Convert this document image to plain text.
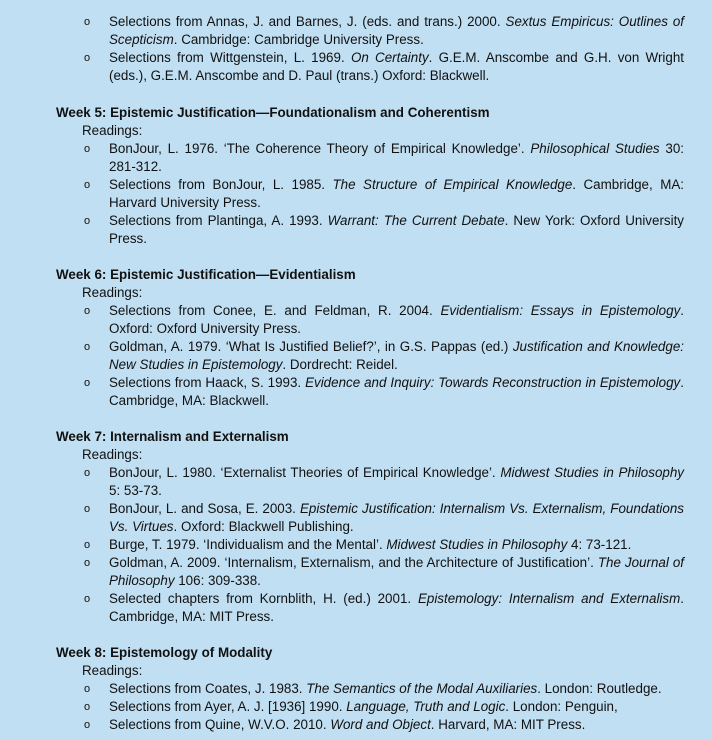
o Selections from Annas, J. and Barnes, J. (eds. and trans.) 2000. Sextus Empiricus: Outlines of Scepticism. Cambridge: Cambridge University Press.
o Selections from Wittgenstein, L. 1969. On Certainty. G.E.M. Anscombe and G.H. von Wright (eds.), G.E.M. Anscombe and D. Paul (trans.) Oxford: Blackwell.
Week 5: Epistemic Justification—Foundationalism and Coherentism
Readings:
o BonJour, L. 1976. ‘The Coherence Theory of Empirical Knowledge’. Philosophical Studies 30: 281-312.
o Selections from BonJour, L. 1985. The Structure of Empirical Knowledge. Cambridge, MA: Harvard University Press.
o Selections from Plantinga, A. 1993. Warrant: The Current Debate. New York: Oxford University Press.
Week 6: Epistemic Justification—Evidentialism
Readings:
o Selections from Conee, E. and Feldman, R. 2004. Evidentialism: Essays in Epistemology. Oxford: Oxford University Press.
o Goldman, A. 1979. ‘What Is Justified Belief?’, in G.S. Pappas (ed.) Justification and Knowledge: New Studies in Epistemology. Dordrecht: Reidel.
o Selections from Haack, S. 1993. Evidence and Inquiry: Towards Reconstruction in Epistemology. Cambridge, MA: Blackwell.
Week 7: Internalism and Externalism
Readings:
o BonJour, L. 1980. ‘Externalist Theories of Empirical Knowledge’. Midwest Studies in Philosophy 5: 53-73.
o BonJour, L. and Sosa, E. 2003. Epistemic Justification: Internalism Vs. Externalism, Foundations Vs. Virtues. Oxford: Blackwell Publishing.
o Burge, T. 1979. ‘Individualism and the Mental’. Midwest Studies in Philosophy 4: 73-121.
o Goldman, A. 2009. ‘Internalism, Externalism, and the Architecture of Justification’. The Journal of Philosophy 106: 309-338.
o Selected chapters from Kornblith, H. (ed.) 2001. Epistemology: Internalism and Externalism. Cambridge, MA: MIT Press.
Week 8: Epistemology of Modality
Readings:
o Selections from Coates, J. 1983. The Semantics of the Modal Auxiliaries. London: Routledge.
o Selections from Ayer, A. J. [1936] 1990. Language, Truth and Logic. London: Penguin,
o Selections from Quine, W.V.O. 2010. Word and Object. Harvard, MA: MIT Press.
